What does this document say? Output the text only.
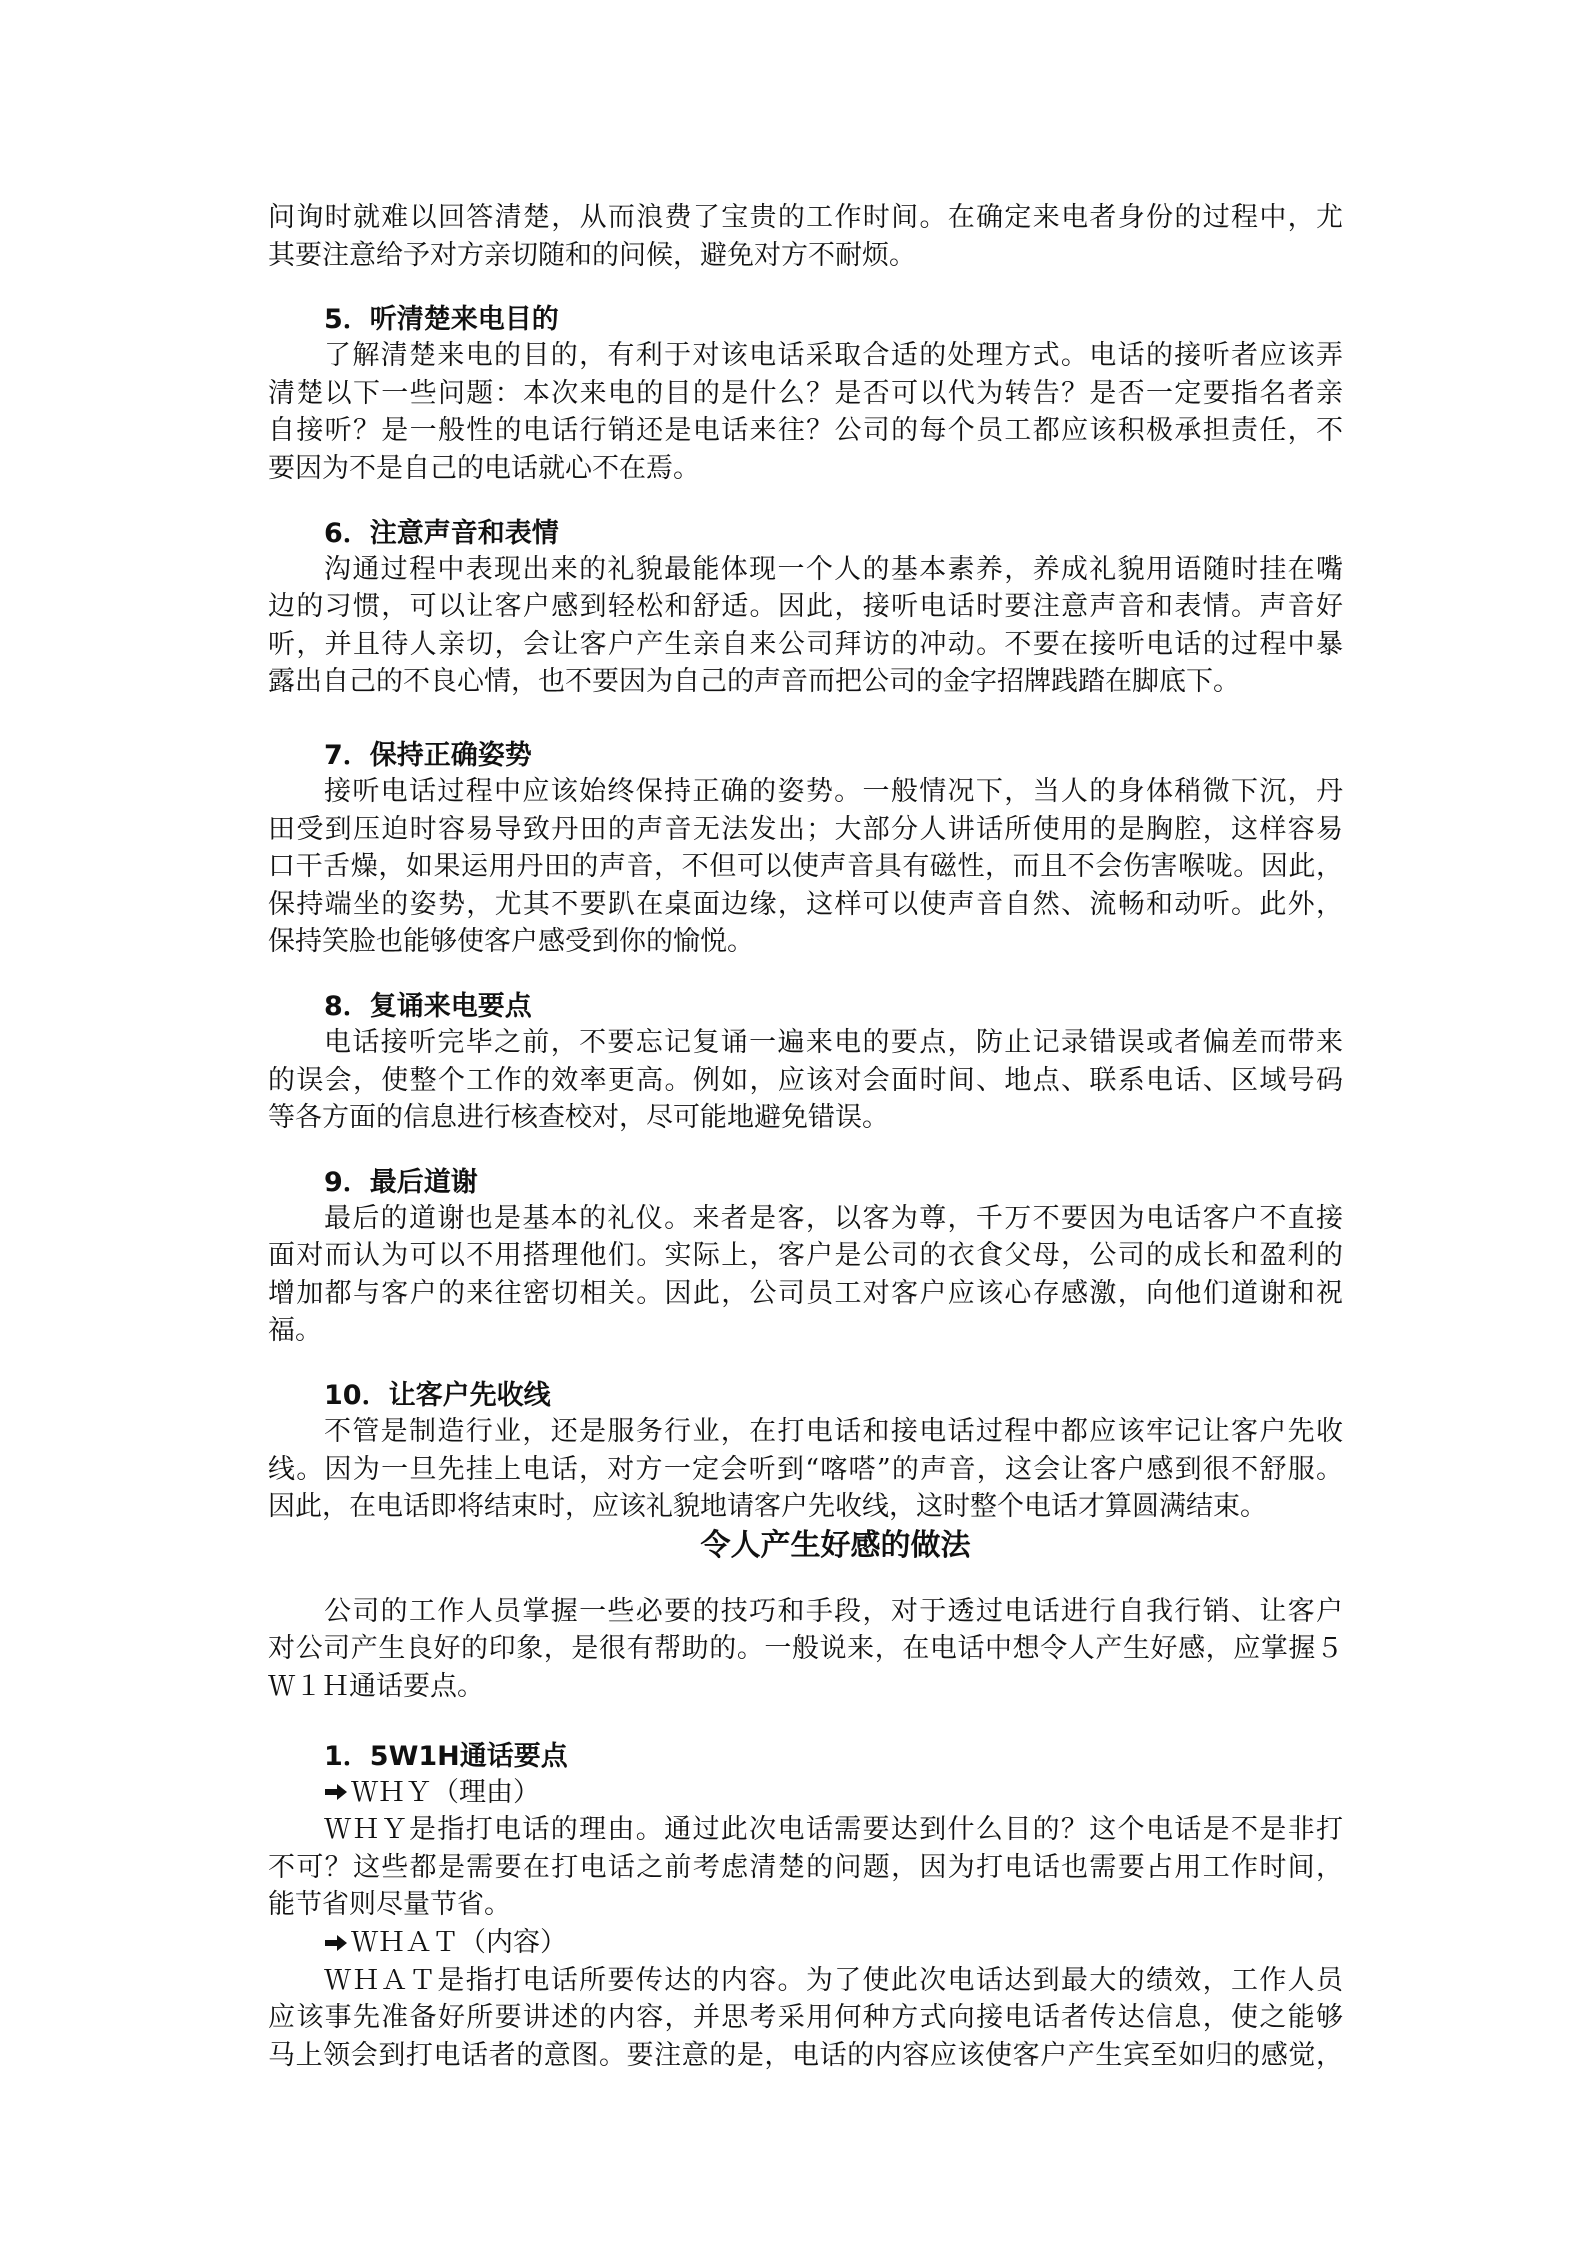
问询时就难以回答清楚，从而浪费了宝贵的工作时间。在确定来电者身份的过程中，尤
其要注意给予对方亲切随和的问候，避免对方不耐烦。
5．听清楚来电目的
了解清楚来电的目的，有利于对该电话采取合适的处理方式。电话的接听者应该弄
清楚以下一些问题：本次来电的目的是什么？是否可以代为转告？是否一定要指名者亲
自接听？是一般性的电话行销还是电话来往？公司的每个员工都应该积极承担责任，不
要因为不是自己的电话就心不在焉。
6．注意声音和表情
沟通过程中表现出来的礼貌最能体现一个人的基本素养，养成礼貌用语随时挂在嘴
边的习惯，可以让客户感到轻松和舒适。因此，接听电话时要注意声音和表情。声音好
听，并且待人亲切，会让客户产生亲自来公司拜访的冲动。不要在接听电话的过程中暴
露出自己的不良心情，也不要因为自己的声音而把公司的金字招牌践踏在脚底下。
7．保持正确姿势
接听电话过程中应该始终保持正确的姿势。一般情况下，当人的身体稍微下沉，丹
田受到压迫时容易导致丹田的声音无法发出；大部分人讲话所使用的是胸腔，这样容易
口干舌燥，如果运用丹田的声音，不但可以使声音具有磁性，而且不会伤害喉咙。因此，
保持端坐的姿势，尤其不要趴在桌面边缘，这样可以使声音自然、流畅和动听。此外，
保持笑脸也能够使客户感受到你的愉悦。
8．复诵来电要点
电话接听完毕之前，不要忘记复诵一遍来电的要点，防止记录错误或者偏差而带来
的误会，使整个工作的效率更高。例如，应该对会面时间、地点、联系电话、区域号码
等各方面的信息进行核查校对，尽可能地避免错误。
9．最后道谢
最后的道谢也是基本的礼仪。来者是客，以客为尊，千万不要因为电话客户不直接
面对而认为可以不用搭理他们。实际上，客户是公司的衣食父母，公司的成长和盈利的
增加都与客户的来往密切相关。因此，公司员工对客户应该心存感激，向他们道谢和祝
福。
10．让客户先收线
不管是制造行业，还是服务行业，在打电话和接电话过程中都应该牢记让客户先收
线。因为一旦先挂上电话，对方一定会听到“喀嗒”的声音，这会让客户感到很不舒服。
因此，在电话即将结束时，应该礼貌地请客户先收线，这时整个电话才算圆满结束。
令人产生好感的做法
公司的工作人员掌握一些必要的技巧和手段，对于透过电话进行自我行销、让客户
对公司产生良好的印象，是很有帮助的。一般说来，在电话中想令人产生好感，应掌握５
Ｗ１Ｈ通话要点。
1．5W1H通话要点
ＷＨＹ（理由）
ＷＨＹ是指打电话的理由。通过此次电话需要达到什么目的？这个电话是不是非打
不可？这些都是需要在打电话之前考虑清楚的问题，因为打电话也需要占用工作时间，
能节省则尽量节省。
ＷＨＡＴ（内容）
ＷＨＡＴ是指打电话所要传达的内容。为了使此次电话达到最大的绩效，工作人员
应该事先准备好所要讲述的内容，并思考采用何种方式向接电话者传达信息，使之能够
马上领会到打电话者的意图。要注意的是，电话的内容应该使客户产生宾至如归的感觉，
